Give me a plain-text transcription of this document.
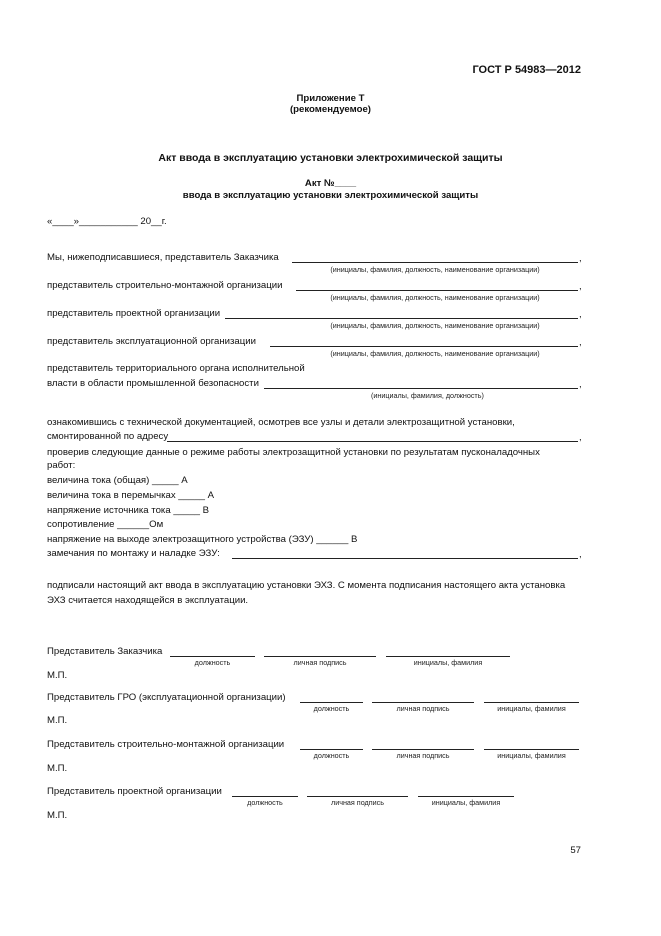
ГОСТ Р 54983—2012
Приложение Т
(рекомендуемое)
Акт ввода в эксплуатацию установки электрохимической защиты
Акт №____
ввода в эксплуатацию установки электрохимической защиты
«____»___________ 20__г.
Мы, нижеподписавшиеся, представитель Заказчика	,
(инициалы, фамилия, должность, наименование организации)
представитель строительно-монтажной организации	,
(инициалы, фамилия, должность, наименование организации)
представитель проектной организации	,
(инициалы, фамилия, должность, наименование организации)
представитель эксплуатационной организации	,
(инициалы, фамилия, должность, наименование организации)
представитель территориального органа исполнительной
власти в области промышленной безопасности	,
(инициалы, фамилия, должность)
ознакомившись с технической документацией, осмотрев все узлы и детали электрозащитной установки,
смонтированной по адресу	,
проверив следующие данные о режиме работы электрозащитной установки по результатам пусконаладочных
работ:
величина тока (общая) _____ А
величина тока в перемычках _____ А
напряжение источника тока _____ В
сопротивление ______Ом
напряжение на выходе электрозащитного устройства (ЭЗУ) ______ В
замечания по монтажу и наладке ЭЗУ:	,
подписали настоящий акт ввода в эксплуатацию установки ЭХЗ. С момента подписания настоящего акта установка
ЭХЗ считается находящейся в эксплуатации.
Представитель Заказчика
должность	личная подпись	инициалы, фамилия
М.П.
Представитель ГРО (эксплуатационной организации)
должность	личная подпись	инициалы, фамилия
М.П.
Представитель строительно-монтажной организации
должность	личная подпись	инициалы, фамилия
М.П.
Представитель проектной организации
должность	личная подпись	инициалы, фамилия
М.П.
57
